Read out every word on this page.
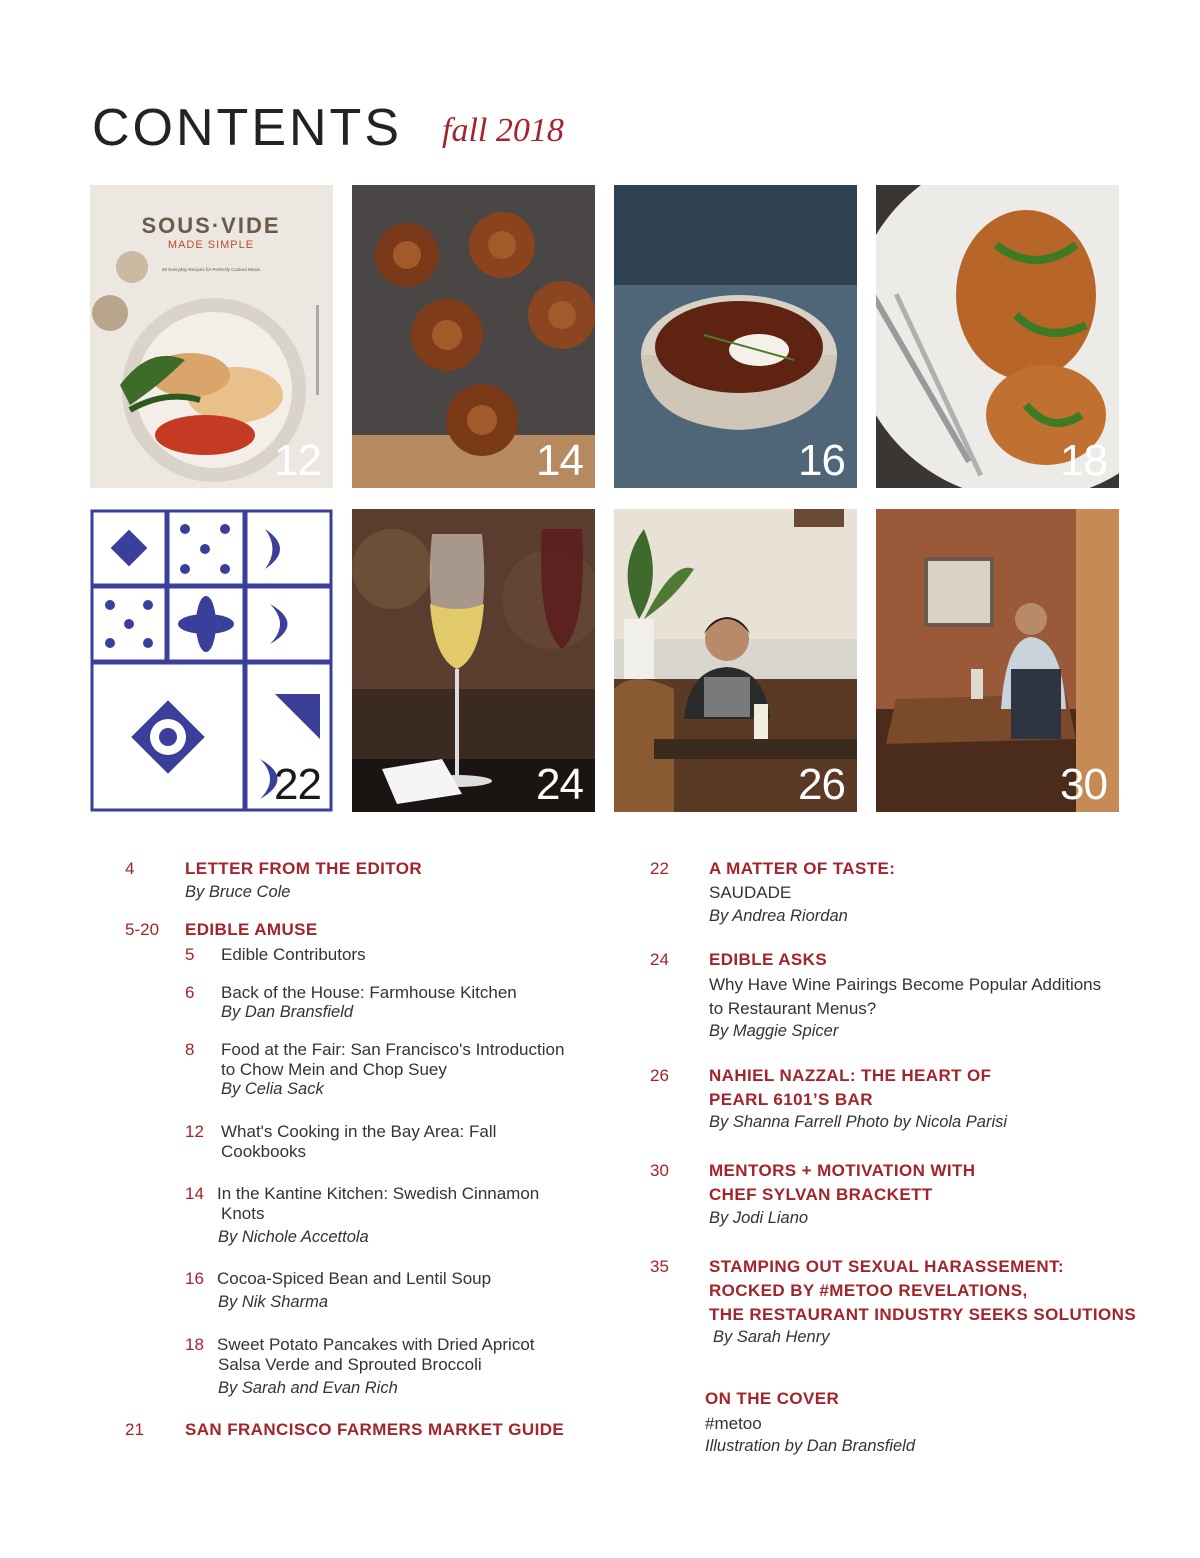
CONTENTS fall 2018
SOUS·VIDE
MADE SIMPLE
60 Everyday Recipes for Perfectly Cooked Meals
12	14	16	18
22	24	26	30
4	LETTER FROM THE EDITOR
By Bruce Cole
5-20 EDIBLE AMUSE
5 Edible Contributors
6 Back of the House: Farmhouse Kitchen
By Dan Bransfield
8 Food at the Fair: San Francisco's Introduction
to Chow Mein and Chop Suey
By Celia Sack
12 What's Cooking in the Bay Area: Fall
Cookbooks
14 In the Kantine Kitchen: Swedish Cinnamon
Knots
By Nichole Accettola
16 Cocoa-Spiced Bean and Lentil Soup
By Nik Sharma
18 Sweet Potato Pancakes with Dried Apricot
Salsa Verde and Sprouted Broccoli
By Sarah and Evan Rich
21 SAN FRANCISCO FARMERS MARKET GUIDE
22 A MATTER OF TASTE:
SAUDADE
By Andrea Riordan
24 EDIBLE ASKS
Why Have Wine Pairings Become Popular Additions
to Restaurant Menus?
By Maggie Spicer
26 NAHIEL NAZZAL: THE HEART OF
PEARL 6101’S BAR
By Shanna Farrell Photo by Nicola Parisi
30 MENTORS + MOTIVATION WITH
CHEF SYLVAN BRACKETT
By Jodi Liano
35 STAMPING OUT SEXUAL HARASSEMENT:
ROCKED BY #METOO REVELATIONS,
THE RESTAURANT INDUSTRY SEEKS SOLUTIONS
By Sarah Henry
ON THE COVER
#metoo
Illustration by Dan Bransfield
